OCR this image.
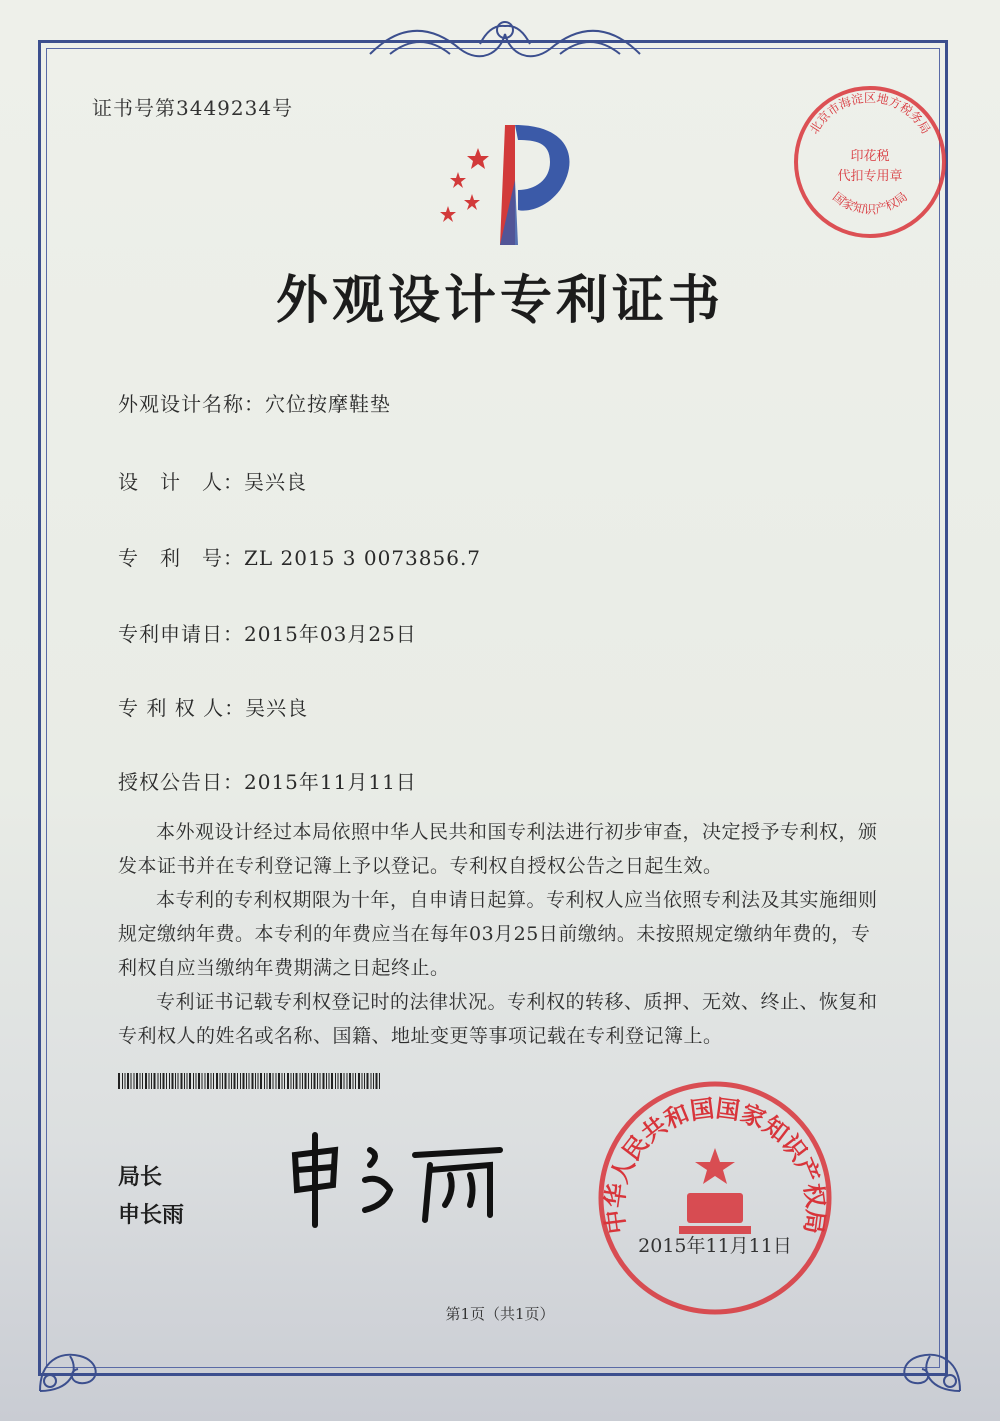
证书号第3449234号
外观设计专利证书
外观设计名称：穴位按摩鞋垫
设　计　人：吴兴良
专　利　号：ZL 2015 3 0073856.7
专利申请日：2015年03月25日
专 利 权 人：吴兴良
授权公告日：2015年11月11日
本外观设计经过本局依照中华人民共和国专利法进行初步审查，决定授予专利权，颁发本证书并在专利登记簿上予以登记。专利权自授权公告之日起生效。
本专利的专利权期限为十年，自申请日起算。专利权人应当依照专利法及其实施细则规定缴纳年费。本专利的年费应当在每年03月25日前缴纳。未按照规定缴纳年费的，专利权自应当缴纳年费期满之日起终止。
专利证书记载专利权登记时的法律状况。专利权的转移、质押、无效、终止、恢复和专利权人的姓名或名称、国籍、地址变更等事项记载在专利登记簿上。
局长
申长雨
北京市海淀区地方税务局
印花税
代扣专用章
国家知识产权局
中华人民共和国国家知识产权局
2015年11月11日
第1页（共1页）
